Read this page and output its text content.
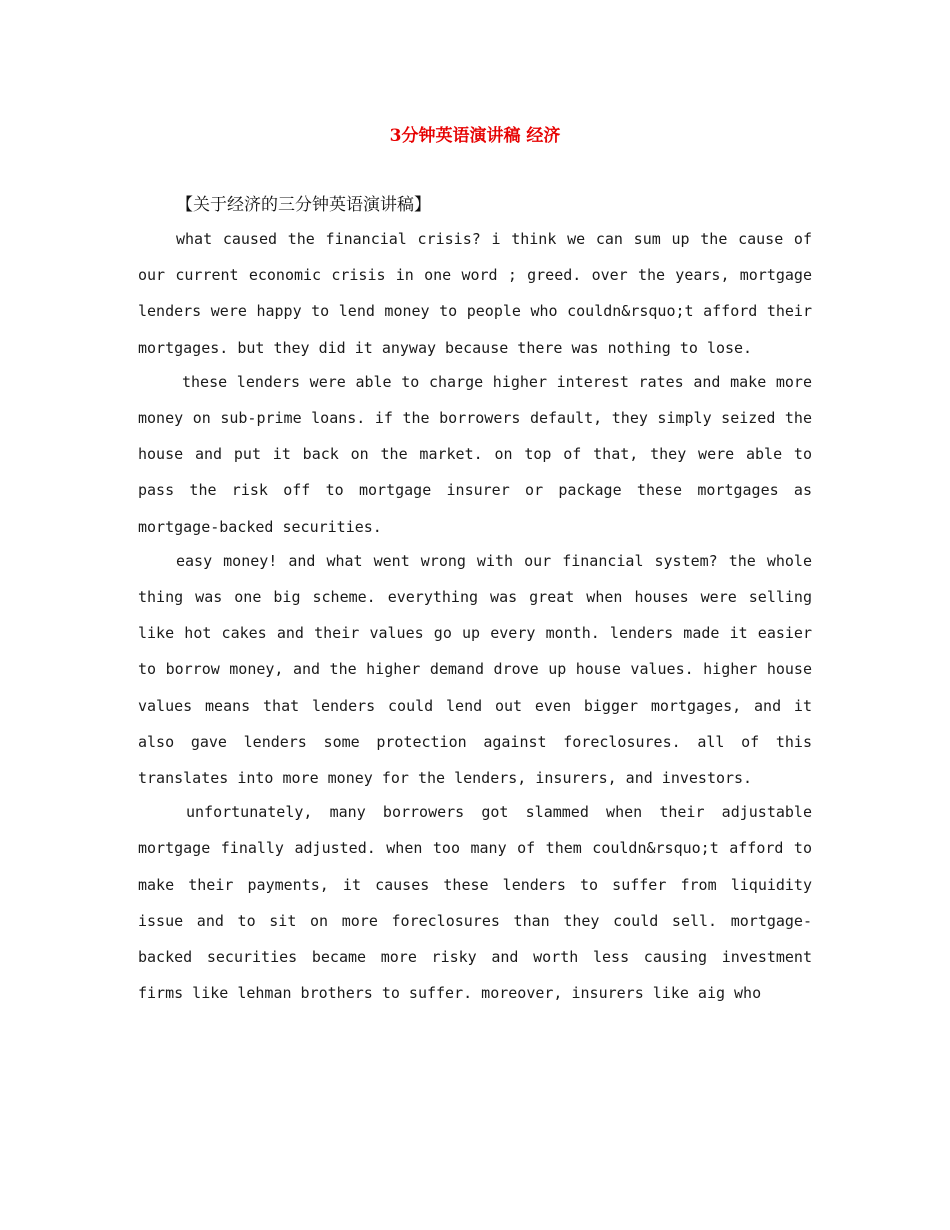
3分钟英语演讲稿 经济

【关于经济的三分钟英语演讲稿】

what caused the financial crisis? i think we can sum up the cause of our current economic crisis in one word ; greed. over the years, mortgage lenders were happy to lend money to people who couldn&rsquo;t afford their mortgages. but they did it anyway because there was nothing to lose.

these lenders were able to charge higher interest rates and make more money on sub-prime loans. if the borrowers default, they simply seized the house and put it back on the market. on top of that, they were able to pass the risk off to mortgage insurer or package these mortgages as mortgage-backed securities.

easy money! and what went wrong with our financial system? the whole thing was one big scheme. everything was great when houses were selling like hot cakes and their values go up every month. lenders made it easier to borrow money, and the higher demand drove up house values. higher house values means that lenders could lend out even bigger mortgages, and it also gave lenders some protection against foreclosures. all of this translates into more money for the lenders, insurers, and investors.

unfortunately, many borrowers got slammed when their adjustable mortgage finally adjusted. when too many of them couldn&rsquo;t afford to make their payments, it causes these lenders to suffer from liquidity issue and to sit on more foreclosures than they could sell. mortgage-backed securities became more risky and worth less causing investment firms like lehman brothers to suffer. moreover, insurers like aig who
